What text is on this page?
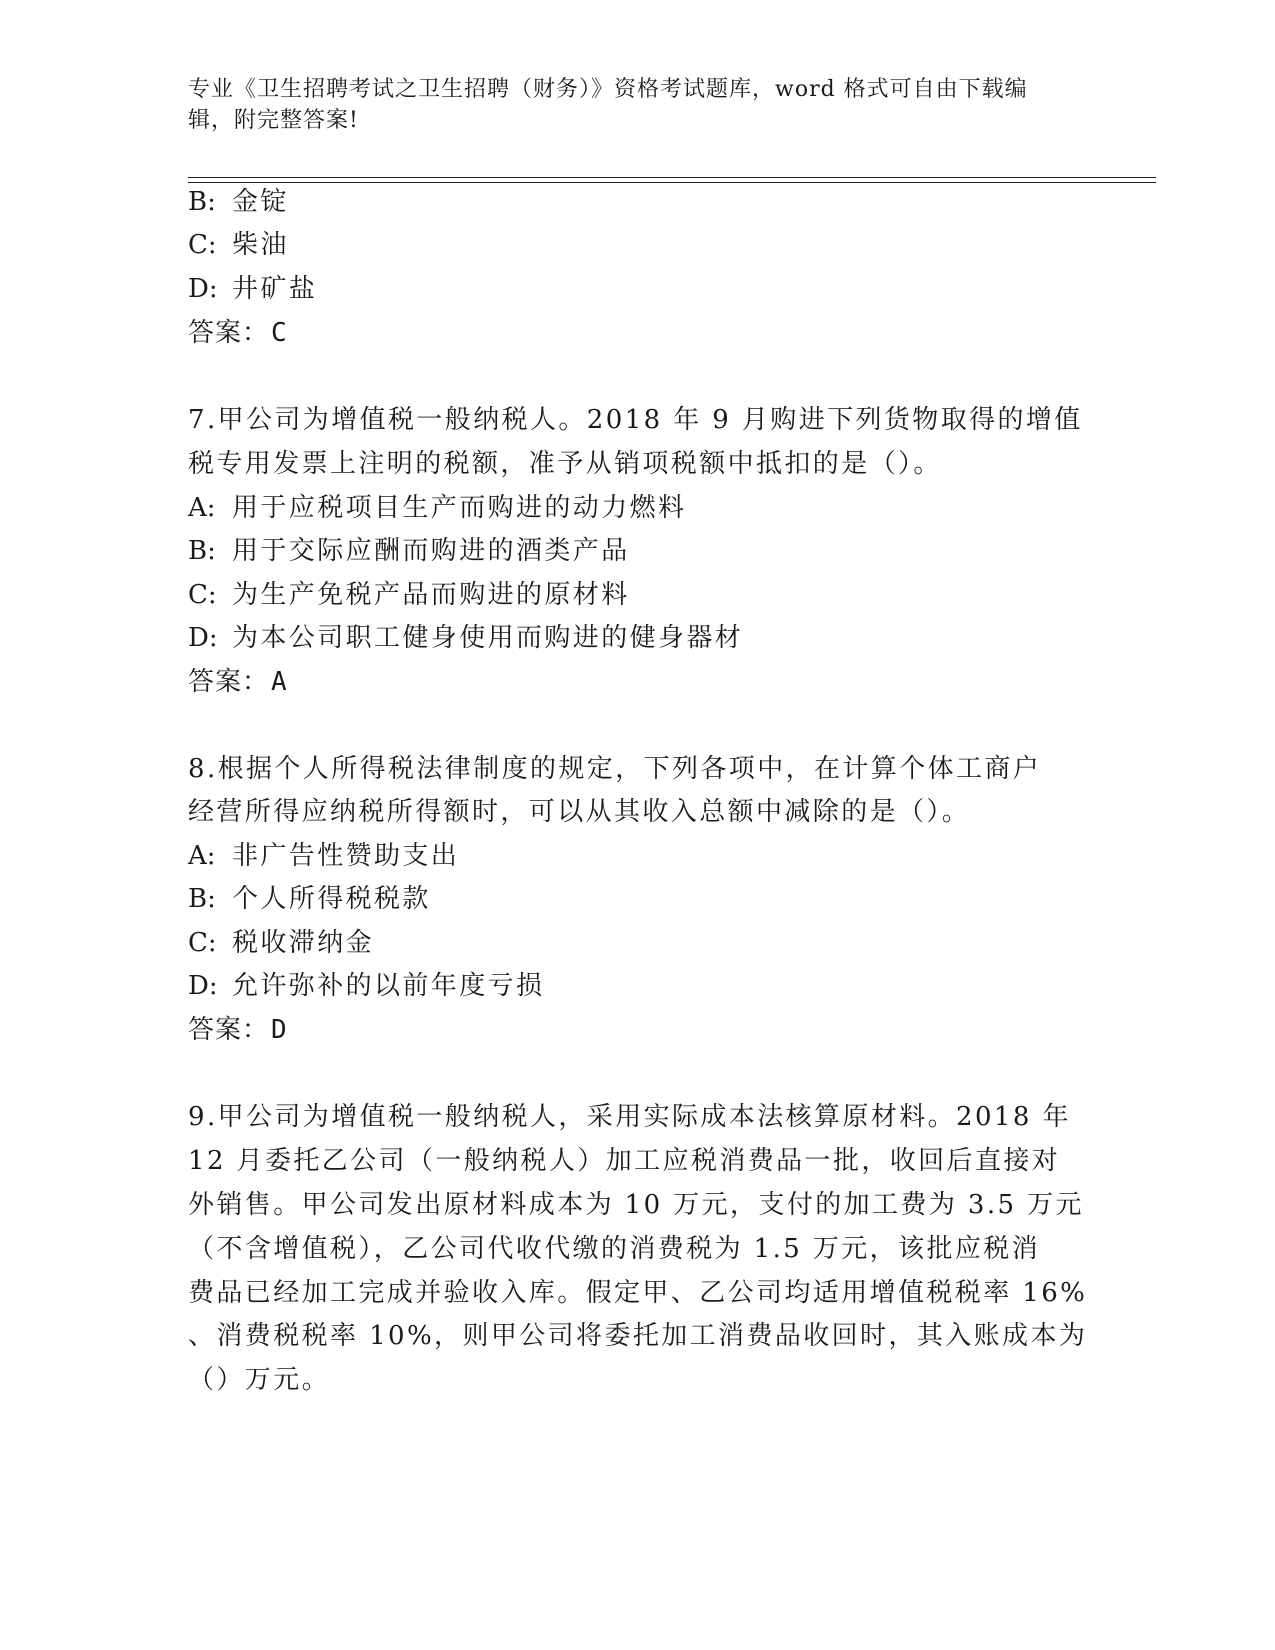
专业《卫生招聘考试之卫生招聘（财务）》资格考试题库，word 格式可自由下载编辑，附完整答案!
B: 金锭
C: 柴油
D: 井矿盐
答案：C
7.甲公司为增值税一般纳税人。2018 年 9 月购进下列货物取得的增值
税专用发票上注明的税额，准予从销项税额中抵扣的是（）。
A: 用于应税项目生产而购进的动力燃料
B: 用于交际应酬而购进的酒类产品
C: 为生产免税产品而购进的原材料
D: 为本公司职工健身使用而购进的健身器材
答案：A
8.根据个人所得税法律制度的规定，下列各项中，在计算个体工商户
经营所得应纳税所得额时，可以从其收入总额中减除的是（）。
A: 非广告性赞助支出
B: 个人所得税税款
C: 税收滞纳金
D: 允许弥补的以前年度亏损
答案：D
9.甲公司为增值税一般纳税人，采用实际成本法核算原材料。2018 年
12 月委托乙公司（一般纳税人）加工应税消费品一批，收回后直接对
外销售。甲公司发出原材料成本为 10 万元，支付的加工费为 3.5 万元
（不含增值税），乙公司代收代缴的消费税为 1.5 万元，该批应税消
费品已经加工完成并验收入库。假定甲、乙公司均适用增值税税率 16%
、消费税税率 10%，则甲公司将委托加工消费品收回时，其入账成本为
（）万元。
